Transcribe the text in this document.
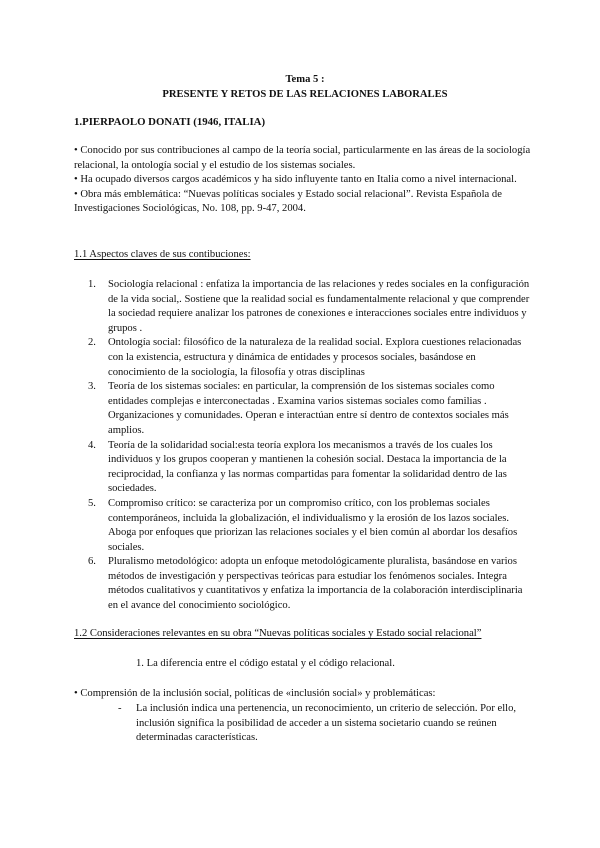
Tema 5 :
PRESENTE Y RETOS DE LAS RELACIONES LABORALES
1.PIERPAOLO DONATI (1946, ITALIA)

• Conocido por sus contribuciones al campo de la teoría social, particularmente en las áreas de la sociología relacional, la ontología social y el estudio de los sistemas sociales.

• Ha ocupado diversos cargos académicos y ha sido influyente tanto en Italia como a nivel internacional.

• Obra más emblemática: “Nuevas políticas sociales y Estado social relacional”. Revista Española de Investigaciones Sociológicas, No. 108, pp. 9-47, 2004.

1.1 Aspectos claves de sus contibuciones:
1. Sociología relacional : enfatiza la importancia de las relaciones y redes sociales en la configuración de la vida social,. Sostiene que la realidad social es fundamentalmente relacional y que comprender la sociedad requiere analizar los patrones de conexiones e interacciones sociales entre individuos y grupos .
2. Ontología social: filosófico de la naturaleza de la realidad social. Explora cuestiones relacionadas con la existencia, estructura y dinámica de entidades y procesos sociales, basándose en conocimiento de la sociología, la filosofía y otras disciplinas
3. Teoría de los sistemas sociales: en particular, la comprensión de los sistemas sociales como entidades complejas e interconectadas . Examina varios sistemas sociales como familias . Organizaciones y comunidades. Operan e interactúan entre sí dentro de contextos sociales más amplios.
4. Teoría de la solidaridad social:esta teoría explora los mecanismos a través de los cuales los individuos y los grupos cooperan y mantienen la cohesión social. Destaca la importancia de la reciprocidad, la confianza y las normas compartidas para fomentar la solidaridad dentro de las sociedades.
5. Compromiso crítico: se caracteriza por un compromiso crítico, con los problemas sociales contemporáneos, incluida la globalización, el individualismo y la erosión de los lazos sociales. Aboga por enfoques que priorizan las relaciones sociales y el bien común al abordar los desafíos sociales.
6. Pluralismo metodológico: adopta un enfoque metodológicamente pluralista, basándose en varios métodos de investigación y perspectivas teóricas para estudiar los fenómenos sociales. Integra métodos cualitativos y cuantitativos y enfatiza la importancia de la colaboración interdisciplinaria en el avance del conocimiento sociológico.
1.2 Consideraciones relevantes en su obra “Nuevas políticas sociales y Estado social relacional”
1. La diferencia entre el código estatal y el código relacional.
• Comprensión de la inclusión social, políticas de «inclusión social» y problemáticas:
-	La inclusión indica una pertenencia, un reconocimiento, un criterio de selección. Por ello, inclusión significa la posibilidad de acceder a un sistema societario cuando se reúnen determinadas características.
